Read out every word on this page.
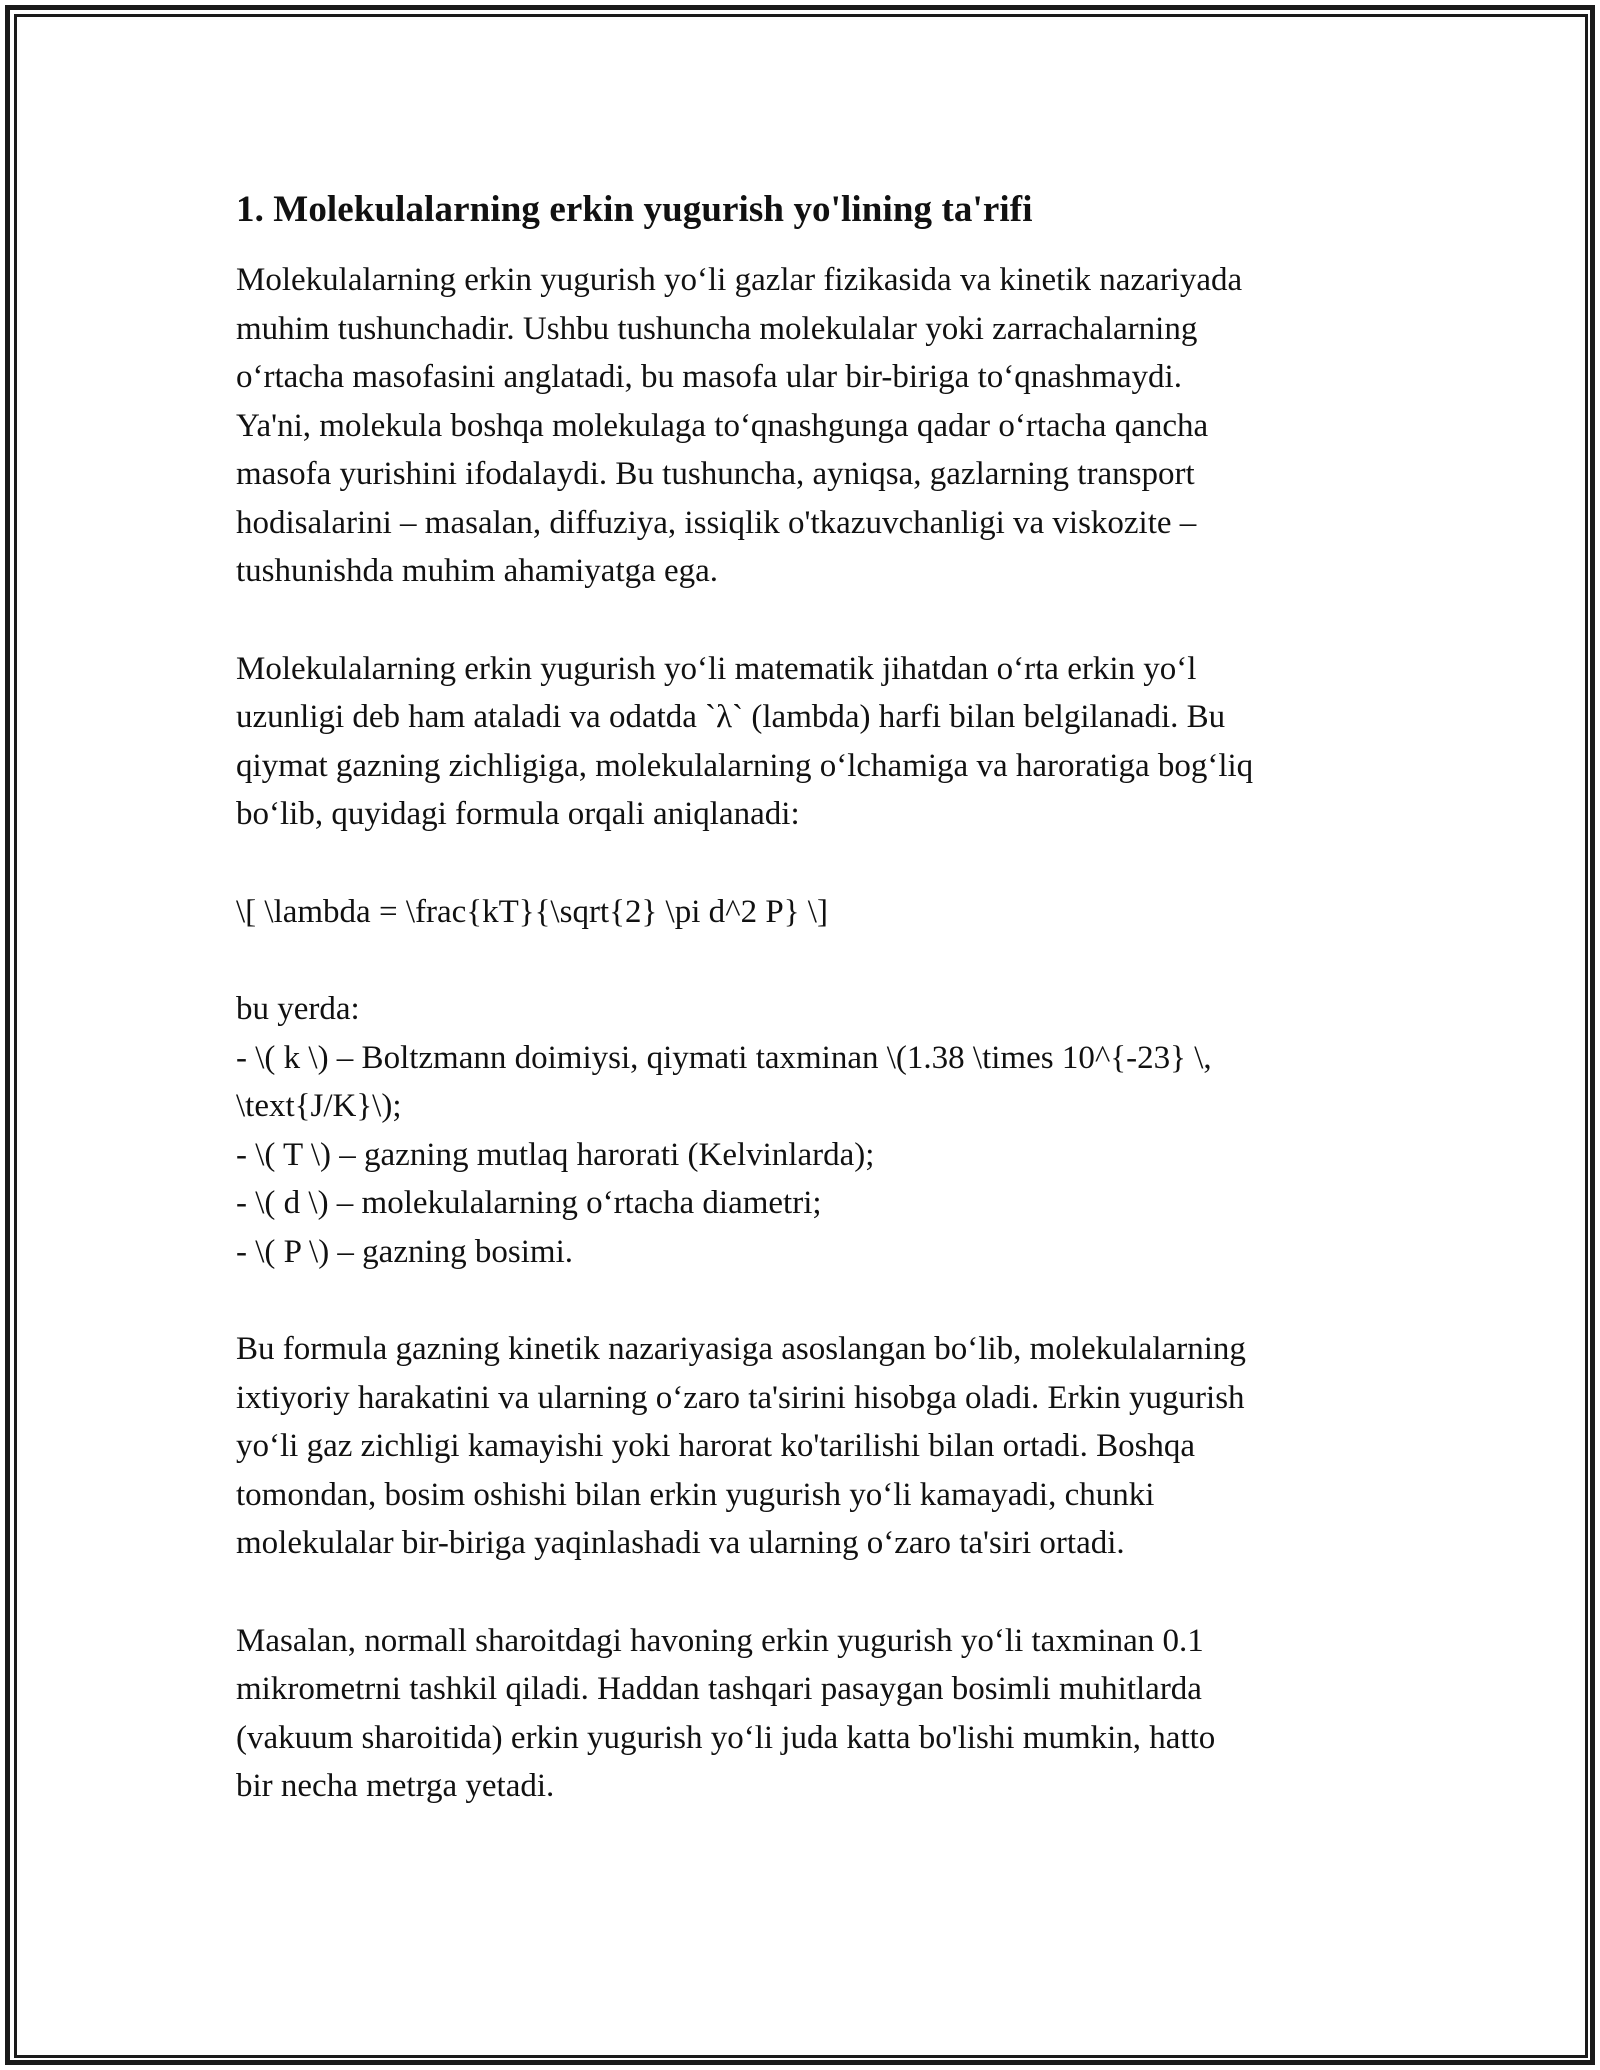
1. Molekulalarning erkin yugurish yo'lining ta'rifi

Molekulalarning erkin yugurish yo‘li gazlar fizikasida va kinetik nazariyada
muhim tushunchadir. Ushbu tushuncha molekulalar yoki zarrachalarning
o‘rtacha masofasini anglatadi, bu masofa ular bir-biriga to‘qnashmaydi.
Ya'ni, molekula boshqa molekulaga to‘qnashgunga qadar o‘rtacha qancha
masofa yurishini ifodalaydi. Bu tushuncha, ayniqsa, gazlarning transport
hodisalarini – masalan, diffuziya, issiqlik o'tkazuvchanligi va viskozite –
tushunishda muhim ahamiyatga ega.

Molekulalarning erkin yugurish yo‘li matematik jihatdan o‘rta erkin yo‘l
uzunligi deb ham ataladi va odatda `λ` (lambda) harfi bilan belgilanadi. Bu
qiymat gazning zichligiga, molekulalarning o‘lchamiga va haroratiga bog‘liq
bo‘lib, quyidagi formula orqali aniqlanadi:

\[ \lambda = \frac{kT}{\sqrt{2} \pi d^2 P} \]

bu yerda:
- \( k \) – Boltzmann doimiysi, qiymati taxminan \(1.38 \times 10^{-23} \,
\text{J/K}\);
- \( T \) – gazning mutlaq harorati (Kelvinlarda);
- \( d \) – molekulalarning o‘rtacha diametri;
- \( P \) – gazning bosimi.

Bu formula gazning kinetik nazariyasiga asoslangan bo‘lib, molekulalarning
ixtiyoriy harakatini va ularning o‘zaro ta'sirini hisobga oladi. Erkin yugurish
yo‘li gaz zichligi kamayishi yoki harorat ko'tarilishi bilan ortadi. Boshqa
tomondan, bosim oshishi bilan erkin yugurish yo‘li kamayadi, chunki
molekulalar bir-biriga yaqinlashadi va ularning o‘zaro ta'siri ortadi.

Masalan, normall sharoitdagi havoning erkin yugurish yo‘li taxminan 0.1
mikrometrni tashkil qiladi. Haddan tashqari pasaygan bosimli muhitlarda
(vakuum sharoitida) erkin yugurish yo‘li juda katta bo'lishi mumkin, hatto
bir necha metrga yetadi.
